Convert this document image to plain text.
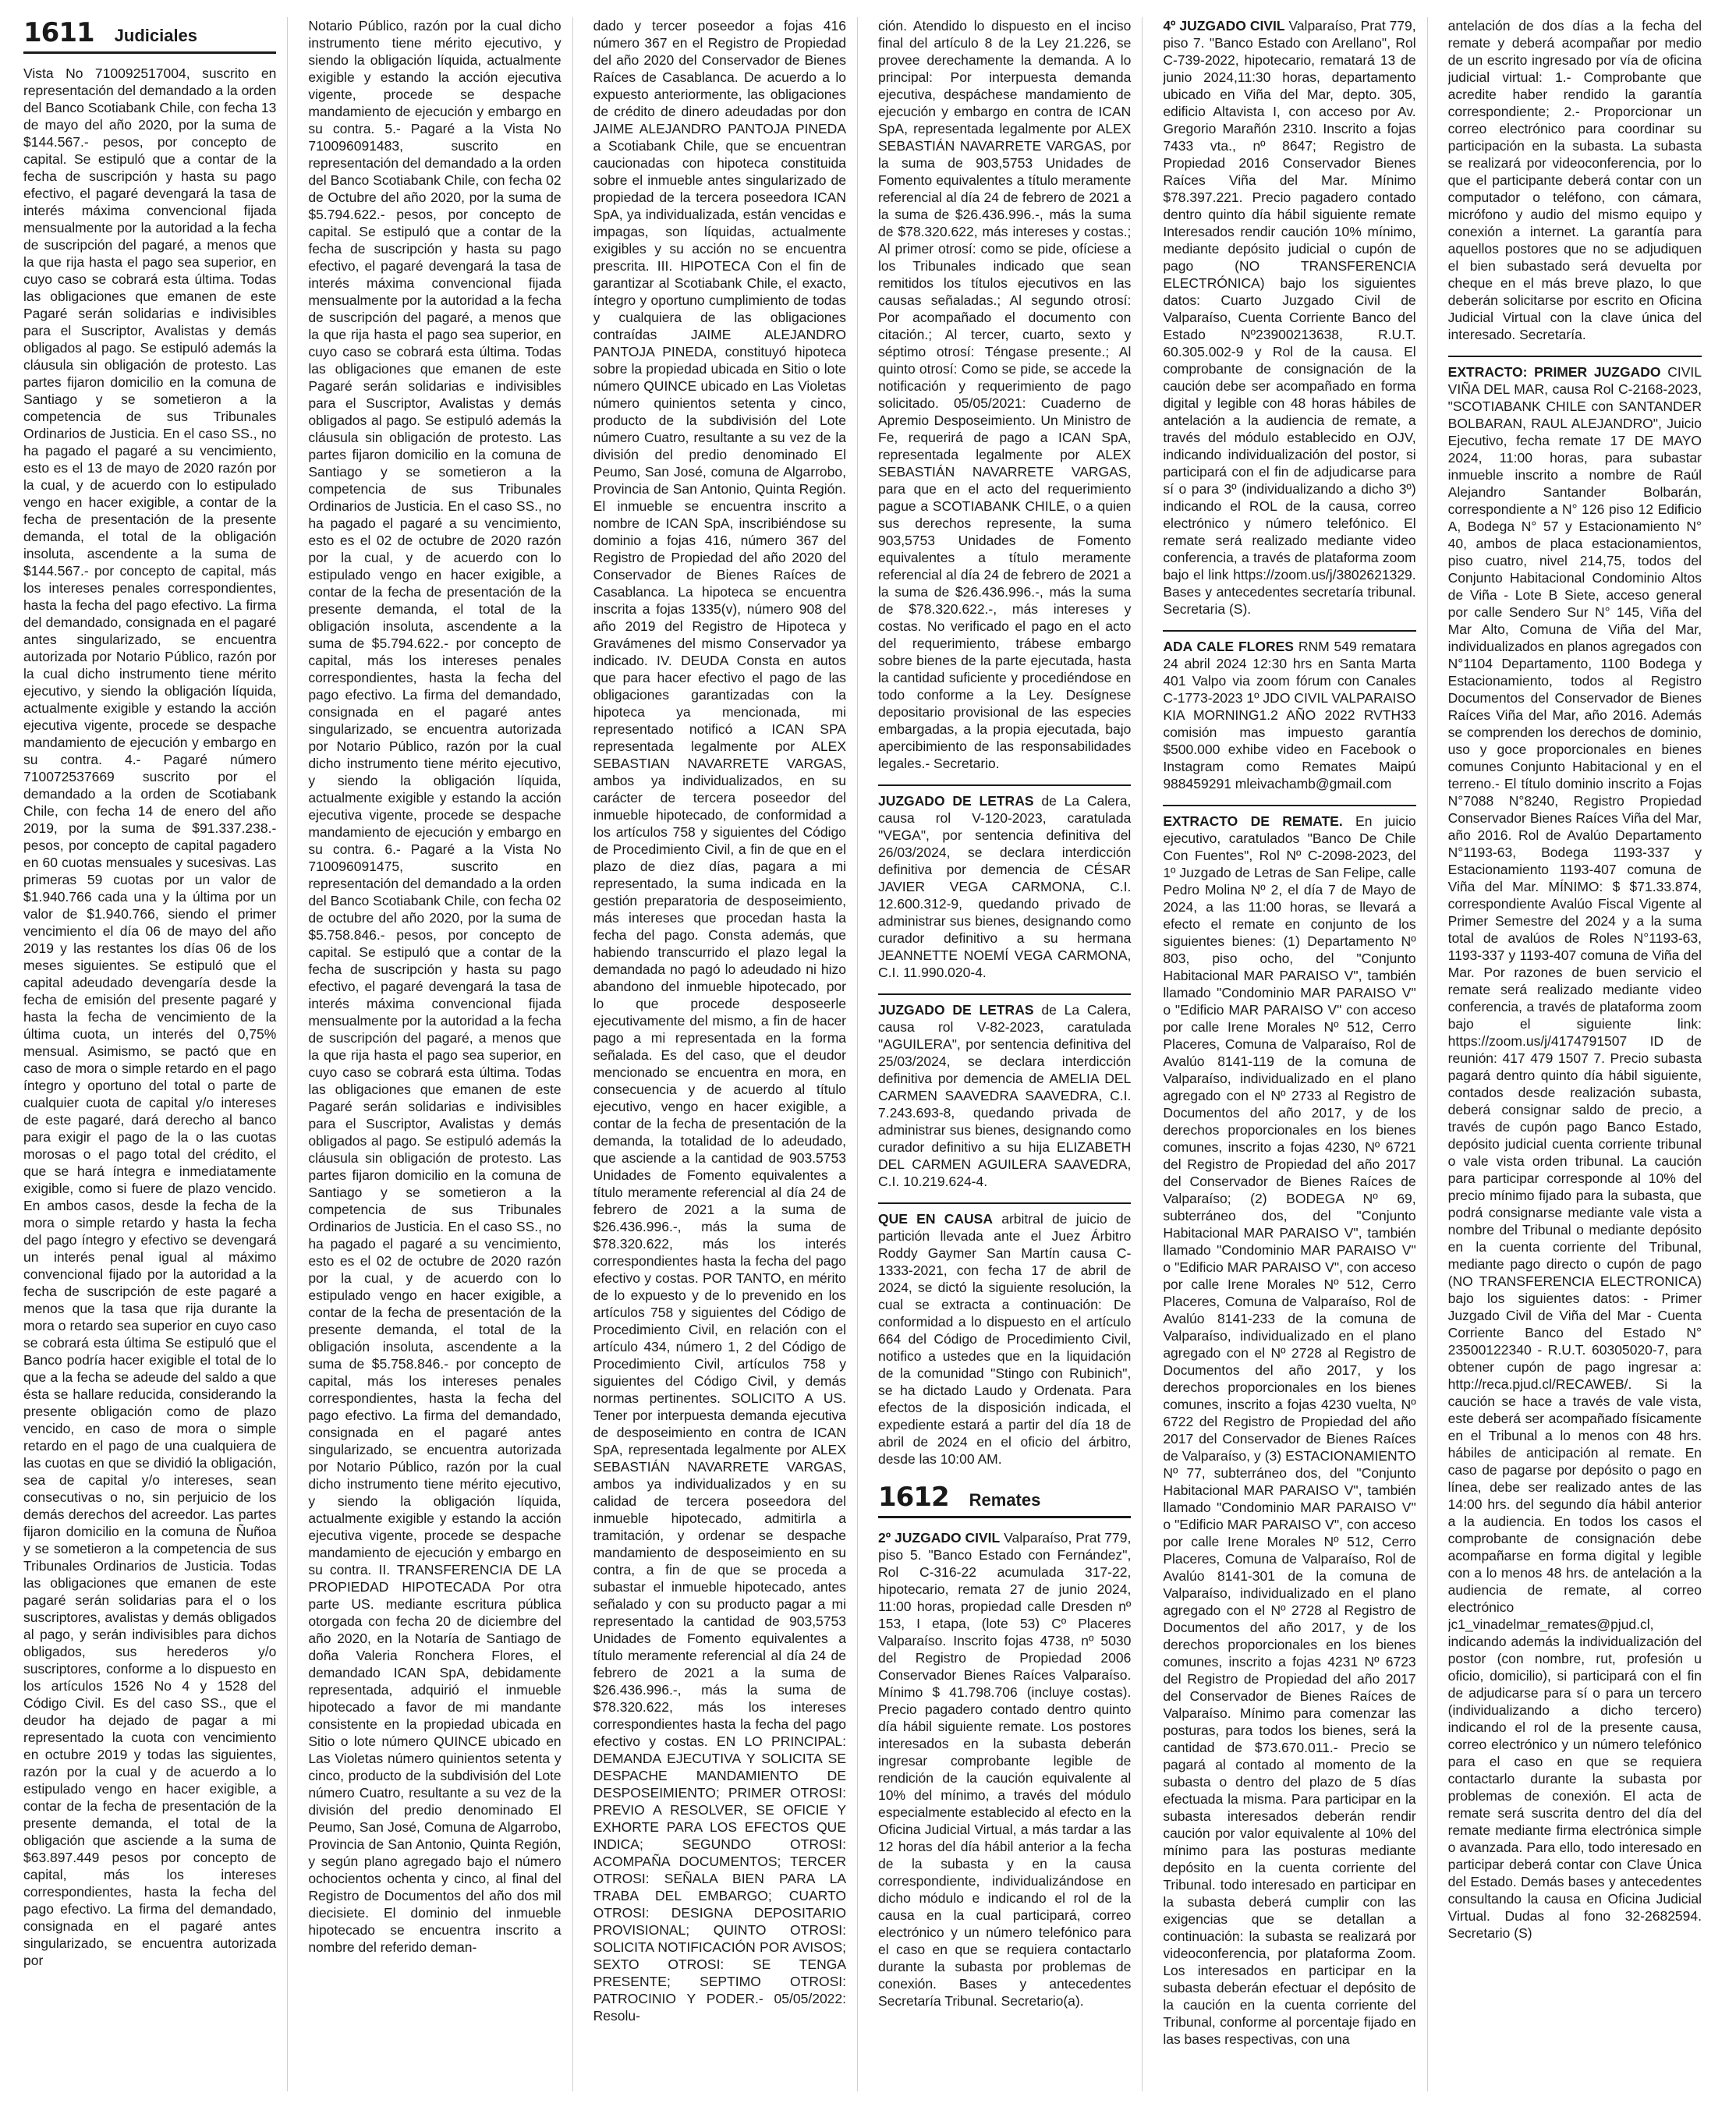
1611 Judiciales

Vista No 710092517004, suscrito en representación del demandado a la orden del Banco Scotiabank Chile, con fecha 13 de mayo del año 2020, por la suma de $144.567.- pesos, por concepto de capital. Se estipuló que a contar de la fecha de suscripción y hasta su pago efectivo, el pagaré devengará la tasa de interés máxima convencional fijada mensualmente por la autoridad a la fecha de suscripción del pagaré, a menos que la que rija hasta el pago sea superior, en cuyo caso se cobrará esta última. Todas las obligaciones que emanen de este Pagaré serán solidarias e indivisibles para el Suscriptor, Avalistas y demás obligados al pago. Se estipuló además la cláusula sin obligación de protesto. Las partes fijaron domicilio en la comuna de Santiago y se sometieron a la competencia de sus Tribunales Ordinarios de Justicia. En el caso SS., no ha pagado el pagaré a su vencimiento, esto es el 13 de mayo de 2020 razón por la cual, y de acuerdo con lo estipulado vengo en hacer exigible, a contar de la fecha de presentación de la presente demanda, el total de la obligación insoluta, ascendente a la suma de $144.567.- por concepto de capital, más los intereses penales correspondientes, hasta la fecha del pago efectivo. La firma del demandado, consignada en el pagaré antes singularizado, se encuentra autorizada por Notario Público, razón por la cual dicho instrumento tiene mérito ejecutivo, y siendo la obligación líquida, actualmente exigible y estando la acción ejecutiva vigente, procede se despache mandamiento de ejecución y embargo en su contra. 4.- Pagaré número 710072537669 suscrito por el demandado a la orden de Scotiabank Chile, con fecha 14 de enero del año 2019, por la suma de $91.337.238.- pesos, por concepto de capital pagadero en 60 cuotas mensuales y sucesivas. Las primeras 59 cuotas por un valor de $1.940.766 cada una y la última por un valor de $1.940.766, siendo el primer vencimiento el día 06 de mayo del año 2019 y las restantes los días 06 de los meses siguientes. Se estipuló que el capital adeudado devengaría desde la fecha de emisión del presente pagaré y hasta la fecha de vencimiento de la última cuota, un interés del 0,75% mensual. Asimismo, se pactó que en caso de mora o simple retardo en el pago íntegro y oportuno del total o parte de cualquier cuota de capital y/o intereses de este pagaré, dará derecho al banco para exigir el pago de la o las cuotas morosas o el pago total del crédito, el que se hará íntegra e inmediatamente exigible, como si fuere de plazo vencido. En ambos casos, desde la fecha de la mora o simple retardo y hasta la fecha del pago íntegro y efectivo se devengará un interés penal igual al máximo convencional fijado por la autoridad a la fecha de suscripción de este pagaré a menos que la tasa que rija durante la mora o retardo sea superior en cuyo caso se cobrará esta última Se estipuló que el Banco podría hacer exigible el total de lo que a la fecha se adeude del saldo a que ésta se hallare reducida, considerando la presente obligación como de plazo vencido, en caso de mora o simple retardo en el pago de una cualquiera de las cuotas en que se dividió la obligación, sea de capital y/o intereses, sean consecutivas o no, sin perjuicio de los demás derechos del acreedor. Las partes fijaron domicilio en la comuna de Ñuñoa y se sometieron a la competencia de sus Tribunales Ordinarios de Justicia. Todas las obligaciones que emanen de este pagaré serán solidarias para el o los suscriptores, avalistas y demás obligados al pago, y serán indivisibles para dichos obligados, sus herederos y/o suscriptores, conforme a lo dispuesto en los artículos 1526 No 4 y 1528 del Código Civil. Es del caso SS., que el deudor ha dejado de pagar a mi representado la cuota con vencimiento en octubre 2019 y todas las siguientes, razón por la cual y de acuerdo a lo estipulado vengo en hacer exigible, a contar de la fecha de presentación de la presente demanda, el total de la obligación que asciende a la suma de $63.897.449 pesos por concepto de capital, más los intereses correspondientes, hasta la fecha del pago efectivo. La firma del demandado, consignada en el pagaré antes singularizado, se encuentra autorizada por

Notario Público, razón por la cual dicho instrumento tiene mérito ejecutivo, y siendo la obligación líquida, actualmente exigible y estando la acción ejecutiva vigente, procede se despache mandamiento de ejecución y embargo en su contra. 5.- Pagaré a la Vista No 710096091483, suscrito en representación del demandado a la orden del Banco Scotiabank Chile, con fecha 02 de Octubre del año 2020, por la suma de $5.794.622.- pesos, por concepto de capital. Se estipuló que a contar de la fecha de suscripción y hasta su pago efectivo, el pagaré devengará la tasa de interés máxima convencional fijada mensualmente por la autoridad a la fecha de suscripción del pagaré, a menos que la que rija hasta el pago sea superior, en cuyo caso se cobrará esta última. Todas las obligaciones que emanen de este Pagaré serán solidarias e indivisibles para el Suscriptor, Avalistas y demás obligados al pago. Se estipuló además la cláusula sin obligación de protesto. Las partes fijaron domicilio en la comuna de Santiago y se sometieron a la competencia de sus Tribunales Ordinarios de Justicia. En el caso SS., no ha pagado el pagaré a su vencimiento, esto es el 02 de octubre de 2020 razón por la cual, y de acuerdo con lo estipulado vengo en hacer exigible, a contar de la fecha de presentación de la presente demanda, el total de la obligación insoluta, ascendente a la suma de $5.794.622.- por concepto de capital, más los intereses penales correspondientes, hasta la fecha del pago efectivo. La firma del demandado, consignada en el pagaré antes singularizado, se encuentra autorizada por Notario Público, razón por la cual dicho instrumento tiene mérito ejecutivo, y siendo la obligación líquida, actualmente exigible y estando la acción ejecutiva vigente, procede se despache mandamiento de ejecución y embargo en su contra. 6.- Pagaré a la Vista No 710096091475, suscrito en representación del demandado a la orden del Banco Scotiabank Chile, con fecha 02 de octubre del año 2020, por la suma de $5.758.846.- pesos, por concepto de capital. Se estipuló que a contar de la fecha de suscripción y hasta su pago efectivo, el pagaré devengará la tasa de interés máxima convencional fijada mensualmente por la autoridad a la fecha de suscripción del pagaré, a menos que la que rija hasta el pago sea superior, en cuyo caso se cobrará esta última. Todas las obligaciones que emanen de este Pagaré serán solidarias e indivisibles para el Suscriptor, Avalistas y demás obligados al pago. Se estipuló además la cláusula sin obligación de protesto. Las partes fijaron domicilio en la comuna de Santiago y se sometieron a la competencia de sus Tribunales Ordinarios de Justicia. En el caso SS., no ha pagado el pagaré a su vencimiento, esto es el 02 de octubre de 2020 razón por la cual, y de acuerdo con lo estipulado vengo en hacer exigible, a contar de la fecha de presentación de la presente demanda, el total de la obligación insoluta, ascendente a la suma de $5.758.846.- por concepto de capital, más los intereses penales correspondientes, hasta la fecha del pago efectivo. La firma del demandado, consignada en el pagaré antes singularizado, se encuentra autorizada por Notario Público, razón por la cual dicho instrumento tiene mérito ejecutivo, y siendo la obligación líquida, actualmente exigible y estando la acción ejecutiva vigente, procede se despache mandamiento de ejecución y embargo en su contra. II. TRANSFERENCIA DE LA PROPIEDAD HIPOTECADA Por otra parte US. mediante escritura pública otorgada con fecha 20 de diciembre del año 2020, en la Notaría de Santiago de doña Valeria Ronchera Flores, el demandado ICAN SpA, debidamente representada, adquirió el inmueble hipotecado a favor de mi mandante consistente en la propiedad ubicada en Sitio o lote número QUINCE ubicado en Las Violetas número quinientos setenta y cinco, producto de la subdivisión del Lote número Cuatro, resultante a su vez de la división del predio denominado El Peumo, San José, Comuna de Algarrobo, Provincia de San Antonio, Quinta Región, y según plano agregado bajo el número ochocientos ochenta y cinco, al final del Registro de Documentos del año dos mil diecisiete. El dominio del inmueble hipotecado se encuentra inscrito a nombre del referido deman-

dado y tercer poseedor a fojas 416 número 367 en el Registro de Propiedad del año 2020 del Conservador de Bienes Raíces de Casablanca. De acuerdo a lo expuesto anteriormente, las obligaciones de crédito de dinero adeudadas por don JAIME ALEJANDRO PANTOJA PINEDA a Scotiabank Chile, que se encuentran caucionadas con hipoteca constituida sobre el inmueble antes singularizado de propiedad de la tercera poseedora ICAN SpA, ya individualizada, están vencidas e impagas, son líquidas, actualmente exigibles y su acción no se encuentra prescrita. III. HIPOTECA Con el fin de garantizar al Scotiabank Chile, el exacto, íntegro y oportuno cumplimiento de todas y cualquiera de las obligaciones contraídas JAIME ALEJANDRO PANTOJA PINEDA, constituyó hipoteca sobre la propiedad ubicada en Sitio o lote número QUINCE ubicado en Las Violetas número quinientos setenta y cinco, producto de la subdivisión del Lote número Cuatro, resultante a su vez de la división del predio denominado El Peumo, San José, comuna de Algarrobo, Provincia de San Antonio, Quinta Región. El inmueble se encuentra inscrito a nombre de ICAN SpA, inscribiéndose su dominio a fojas 416, número 367 del Registro de Propiedad del año 2020 del Conservador de Bienes Raíces de Casablanca. La hipoteca se encuentra inscrita a fojas 1335(v), número 908 del año 2019 del Registro de Hipoteca y Gravámenes del mismo Conservador ya indicado. IV. DEUDA Consta en autos que para hacer efectivo el pago de las obligaciones garantizadas con la hipoteca ya mencionada, mi representado notificó a ICAN SPA representada legalmente por ALEX SEBASTIAN NAVARRETE VARGAS, ambos ya individualizados, en su carácter de tercera poseedor del inmueble hipotecado, de conformidad a los artículos 758 y siguientes del Código de Procedimiento Civil, a fin de que en el plazo de diez días, pagara a mi representado, la suma indicada en la gestión preparatoria de desposeimiento, más intereses que procedan hasta la fecha del pago. Consta además, que habiendo transcurrido el plazo legal la demandada no pagó lo adeudado ni hizo abandono del inmueble hipotecado, por lo que procede desposeerle ejecutivamente del mismo, a fin de hacer pago a mi representada en la forma señalada. Es del caso, que el deudor mencionado se encuentra en mora, en consecuencia y de acuerdo al título ejecutivo, vengo en hacer exigible, a contar de la fecha de presentación de la demanda, la totalidad de lo adeudado, que asciende a la cantidad de 903.5753 Unidades de Fomento equivalentes a título meramente referencial al día 24 de febrero de 2021 a la suma de $26.436.996.-, más la suma de $78.320.622, más los interés correspondientes hasta la fecha del pago efectivo y costas. POR TANTO, en mérito de lo expuesto y de lo prevenido en los artículos 758 y siguientes del Código de Procedimiento Civil, en relación con el artículo 434, número 1, 2 del Código de Procedimiento Civil, artículos 758 y siguientes del Código Civil, y demás normas pertinentes. SOLICITO A US. Tener por interpuesta demanda ejecutiva de desposeimiento en contra de ICAN SpA, representada legalmente por ALEX SEBASTIÁN NAVARRETE VARGAS, ambos ya individualizados y en su calidad de tercera poseedora del inmueble hipotecado, admitirla a tramitación, y ordenar se despache mandamiento de desposeimiento en su contra, a fin de que se proceda a subastar el inmueble hipotecado, antes señalado y con su producto pagar a mi representado la cantidad de 903,5753 Unidades de Fomento equivalentes a título meramente referencial al día 24 de febrero de 2021 a la suma de $26.436.996.-, más la suma de $78.320.622, más los intereses correspondientes hasta la fecha del pago efectivo y costas. EN LO PRINCIPAL: DEMANDA EJECUTIVA Y SOLICITA SE DESPACHE MANDAMIENTO DE DESPOSEIMIENTO; PRIMER OTROSI: PREVIO A RESOLVER, SE OFICIE Y EXHORTE PARA LOS EFECTOS QUE INDICA; SEGUNDO OTROSI: ACOMPAÑA DOCUMENTOS; TERCER OTROSI: SEÑALA BIEN PARA LA TRABA DEL EMBARGO; CUARTO OTROSI: DESIGNA DEPOSITARIO PROVISIONAL; QUINTO OTROSI: SOLICITA NOTIFICACIÓN POR AVISOS; SEXTO OTROSI: SE TENGA PRESENTE; SEPTIMO OTROSI: PATROCINIO Y PODER.- 05/05/2022: Resolu-

ción. Atendido lo dispuesto en el inciso final del artículo 8 de la Ley 21.226, se provee derechamente la demanda. A lo principal: Por interpuesta demanda ejecutiva, despáchese mandamiento de ejecución y embargo en contra de ICAN SpA, representada legalmente por ALEX SEBASTIÁN NAVARRETE VARGAS, por la suma de 903,5753 Unidades de Fomento equivalentes a título meramente referencial al día 24 de febrero de 2021 a la suma de $26.436.996.-, más la suma de $78.320.622, más intereses y costas.; Al primer otrosí: como se pide, ofíciese a los Tribunales indicado que sean remitidos los títulos ejecutivos en las causas señaladas.; Al segundo otrosí: Por acompañado el documento con citación.; Al tercer, cuarto, sexto y séptimo otrosí: Téngase presente.; Al quinto otrosí: Como se pide, se accede la notificación y requerimiento de pago solicitado. 05/05/2021: Cuaderno de Apremio Desposeimiento. Un Ministro de Fe, requerirá de pago a ICAN SpA, representada legalmente por ALEX SEBASTIÁN NAVARRETE VARGAS, para que en el acto del requerimiento pague a SCOTIABANK CHILE, o a quien sus derechos represente, la suma 903,5753 Unidades de Fomento equivalentes a título meramente referencial al día 24 de febrero de 2021 a la suma de $26.436.996.-, más la suma de $78.320.622.-, más intereses y costas. No verificado el pago en el acto del requerimiento, trábese embargo sobre bienes de la parte ejecutada, hasta la cantidad suficiente y procediéndose en todo conforme a la Ley. Desígnese depositario provisional de las especies embargadas, a la propia ejecutada, bajo apercibimiento de las responsabilidades legales.- Secretario.

JUZGADO DE LETRAS de La Calera, causa rol V-120-2023, caratulada "VEGA", por sentencia definitiva del 26/03/2024, se declara interdicción definitiva por demencia de CÉSAR JAVIER VEGA CARMONA, C.I. 12.600.312-9, quedando privado de administrar sus bienes, designando como curador definitivo a su hermana JEANNETTE NOEMÍ VEGA CARMONA, C.I. 11.990.020-4.

JUZGADO DE LETRAS de La Calera, causa rol V-82-2023, caratulada "AGUILERA", por sentencia definitiva del 25/03/2024, se declara interdicción definitiva por demencia de AMELIA DEL CARMEN SAAVEDRA SAAVEDRA, C.I. 7.243.693-8, quedando privada de administrar sus bienes, designando como curador definitivo a su hija ELIZABETH DEL CARMEN AGUILERA SAAVEDRA, C.I. 10.219.624-4.

QUE EN CAUSA arbitral de juicio de partición llevada ante el Juez Árbitro Roddy Gaymer San Martín causa C-1333-2021, con fecha 17 de abril de 2024, se dictó la siguiente resolución, la cual se extracta a continuación: De conformidad a lo dispuesto en el artículo 664 del Código de Procedimiento Civil, notifico a ustedes que en la liquidación de la comunidad "Stingo con Rubinich", se ha dictado Laudo y Ordenata. Para efectos de la disposición indicada, el expediente estará a partir del día 18 de abril de 2024 en el oficio del árbitro, desde las 10:00 AM.

1612 Remates

2º JUZGADO CIVIL Valparaíso, Prat 779, piso 5. "Banco Estado con Fernández", Rol C-316-22 acumulada 317-22, hipotecario, remata 27 de junio 2024, 11:00 horas, propiedad calle Dresden nº 153, I etapa, (lote 53) Cº Placeres Valparaíso. Inscrito fojas 4738, nº 5030 del Registro de Propiedad 2006 Conservador Bienes Raíces Valparaíso. Mínimo $ 41.798.706 (incluye costas). Precio pagadero contado dentro quinto día hábil siguiente remate. Los postores interesados en la subasta deberán ingresar comprobante legible de rendición de la caución equivalente al 10% del mínimo, a través del módulo especialmente establecido al efecto en la Oficina Judicial Virtual, a más tardar a las 12 horas del día hábil anterior a la fecha de la subasta y en la causa correspondiente, individualizándose en dicho módulo e indicando el rol de la causa en la cual participará, correo electrónico y un número telefónico para el caso en que se requiera contactarlo durante la subasta por problemas de conexión. Bases y antecedentes Secretaría Tribunal. Secretario(a).

4º JUZGADO CIVIL Valparaíso, Prat 779, piso 7. "Banco Estado con Arellano", Rol C-739-2022, hipotecario, rematará 13 de junio 2024,11:30 horas, departamento ubicado en Viña del Mar, depto. 305, edificio Altavista I, con acceso por Av. Gregorio Marañón 2310. Inscrito a fojas 7433 vta., nº 8647; Registro de Propiedad 2016 Conservador Bienes Raíces Viña del Mar. Mínimo $78.397.221. Precio pagadero contado dentro quinto día hábil siguiente remate Interesados rendir caución 10% mínimo, mediante depósito judicial o cupón de pago (NO TRANSFERENCIA ELECTRÓNICA) bajo los siguientes datos: Cuarto Juzgado Civil de Valparaíso, Cuenta Corriente Banco del Estado Nº23900213638, R.U.T. 60.305.002-9 y Rol de la causa. El comprobante de consignación de la caución debe ser acompañado en forma digital y legible con 48 horas hábiles de antelación a la audiencia de remate, a través del módulo establecido en OJV, indicando individualización del postor, si participará con el fin de adjudicarse para sí o para 3º (individualizando a dicho 3º) indicando el ROL de la causa, correo electrónico y número telefónico. El remate será realizado mediante video conferencia, a través de plataforma zoom bajo el link https://zoom.us/j/3802621329. Bases y antecedentes secretaría tribunal. Secretaria (S).

ADA CALE FLORES RNM 549 rematara 24 abril 2024 12:30 hrs en Santa Marta 401 Valpo via zoom fórum con Canales C-1773-2023 1º JDO CIVIL VALPARAISO KIA MORNING1.2 AÑO 2022 RVTH33 comisión mas impuesto garantía $500.000 exhibe video en Facebook o Instagram como Remates Maipú 988459291 mleivachamb@gmail.com

EXTRACTO DE REMATE. En juicio ejecutivo, caratulados "Banco De Chile Con Fuentes", Rol Nº C-2098-2023, del 1º Juzgado de Letras de San Felipe, calle Pedro Molina Nº 2, el día 7 de Mayo de 2024, a las 11:00 horas, se llevará a efecto el remate en conjunto de los siguientes bienes: (1) Departamento Nº 803, piso ocho, del "Conjunto Habitacional MAR PARAISO V", también llamado "Condominio MAR PARAISO V" o "Edificio MAR PARAISO V" con acceso por calle Irene Morales Nº 512, Cerro Placeres, Comuna de Valparaíso, Rol de Avalúo 8141-119 de la comuna de Valparaíso, individualizado en el plano agregado con el Nº 2733 al Registro de Documentos del año 2017, y de los derechos proporcionales en los bienes comunes, inscrito a fojas 4230, Nº 6721 del Registro de Propiedad del año 2017 del Conservador de Bienes Raíces de Valparaíso; (2) BODEGA Nº 69, subterráneo dos, del "Conjunto Habitacional MAR PARAISO V", también llamado "Condominio MAR PARAISO V" o "Edificio MAR PARAISO V", con acceso por calle Irene Morales Nº 512, Cerro Placeres, Comuna de Valparaíso, Rol de Avalúo 8141-233 de la comuna de Valparaíso, individualizado en el plano agregado con el Nº 2728 al Registro de Documentos del año 2017, y los derechos proporcionales en los bienes comunes, inscrito a fojas 4230 vuelta, Nº 6722 del Registro de Propiedad del año 2017 del Conservador de Bienes Raíces de Valparaíso, y (3) ESTACIONAMIENTO Nº 77, subterráneo dos, del "Conjunto Habitacional MAR PARAISO V", también llamado "Condominio MAR PARAISO V" o "Edificio MAR PARAISO V", con acceso por calle Irene Morales Nº 512, Cerro Placeres, Comuna de Valparaíso, Rol de Avalúo 8141-301 de la comuna de Valparaíso, individualizado en el plano agregado con el Nº 2728 al Registro de Documentos del año 2017, y de los derechos proporcionales en los bienes comunes, inscrito a fojas 4231 Nº 6723 del Registro de Propiedad del año 2017 del Conservador de Bienes Raíces de Valparaíso. Mínimo para comenzar las posturas, para todos los bienes, será la cantidad de $73.670.011.- Precio se pagará al contado al momento de la subasta o dentro del plazo de 5 días efectuada la misma. Para participar en la subasta interesados deberán rendir caución por valor equivalente al 10% del mínimo para las posturas mediante depósito en la cuenta corriente del Tribunal. todo interesado en participar en la subasta deberá cumplir con las exigencias que se detallan a continuación: la subasta se realizará por videoconferencia, por plataforma Zoom. Los interesados en participar en la subasta deberán efectuar el depósito de la caución en la cuenta corriente del Tribunal, conforme al porcentaje fijado en las bases respectivas, con una

antelación de dos días a la fecha del remate y deberá acompañar por medio de un escrito ingresado por vía de oficina judicial virtual: 1.- Comprobante que acredite haber rendido la garantía correspondiente; 2.- Proporcionar un correo electrónico para coordinar su participación en la subasta. La subasta se realizará por videoconferencia, por lo que el participante deberá contar con un computador o teléfono, con cámara, micrófono y audio del mismo equipo y conexión a internet. La garantía para aquellos postores que no se adjudiquen el bien subastado será devuelta por cheque en el más breve plazo, lo que deberán solicitarse por escrito en Oficina Judicial Virtual con la clave única del interesado. Secretaría.

EXTRACTO: PRIMER JUZGADO CIVIL VIÑA DEL MAR, causa Rol C-2168-2023, "SCOTIABANK CHILE con SANTANDER BOLBARAN, RAUL ALEJANDRO", Juicio Ejecutivo, fecha remate 17 DE MAYO 2024, 11:00 horas, para subastar inmueble inscrito a nombre de Raúl Alejandro Santander Bolbarán, correspondiente a N° 126 piso 12 Edificio A, Bodega N° 57 y Estacionamiento N° 40, ambos de placa estacionamientos, piso cuatro, nivel 214,75, todos del Conjunto Habitacional Condominio Altos de Viña - Lote B Siete, acceso general por calle Sendero Sur N° 145, Viña del Mar Alto, Comuna de Viña del Mar, individualizados en planos agregados con N°1104 Departamento, 1100 Bodega y Estacionamiento, todos al Registro Documentos del Conservador de Bienes Raíces Viña del Mar, año 2016. Además se comprenden los derechos de dominio, uso y goce proporcionales en bienes comunes Conjunto Habitacional y en el terreno.- El título dominio inscrito a Fojas N°7088 N°8240, Registro Propiedad Conservador Bienes Raíces Viña del Mar, año 2016. Rol de Avalúo Departamento N°1193-63, Bodega 1193-337 y Estacionamiento 1193-407 comuna de Viña del Mar. MÍNIMO: $ $71.33.874, correspondiente Avalúo Fiscal Vigente al Primer Semestre del 2024 y a la suma total de avalúos de Roles N°1193-63, 1193-337 y 1193-407 comuna de Viña del Mar. Por razones de buen servicio el remate será realizado mediante video conferencia, a través de plataforma zoom bajo el siguiente link: https://zoom.us/j/4174791507 ID de reunión: 417 479 1507 7. Precio subasta pagará dentro quinto día hábil siguiente, contados desde realización subasta, deberá consignar saldo de precio, a través de cupón pago Banco Estado, depósito judicial cuenta corriente tribunal o vale vista orden tribunal. La caución para participar corresponde al 10% del precio mínimo fijado para la subasta, que podrá consignarse mediante vale vista a nombre del Tribunal o mediante depósito en la cuenta corriente del Tribunal, mediante pago directo o cupón de pago (NO TRANSFERENCIA ELECTRONICA) bajo los siguientes datos: - Primer Juzgado Civil de Viña del Mar - Cuenta Corriente Banco del Estado N° 23500122340 - R.U.T. 60305020-7, para obtener cupón de pago ingresar a: http://reca.pjud.cl/RECAWEB/. Si la caución se hace a través de vale vista, este deberá ser acompañado físicamente en el Tribunal a lo menos con 48 hrs. hábiles de anticipación al remate. En caso de pagarse por depósito o pago en línea, debe ser realizado antes de las 14:00 hrs. del segundo día hábil anterior a la audiencia. En todos los casos el comprobante de consignación debe acompañarse en forma digital y legible con a lo menos 48 hrs. de antelación a la audiencia de remate, al correo electrónico jc1_vinadelmar_remates@pjud.cl, indicando además la individualización del postor (con nombre, rut, profesión u oficio, domicilio), si participará con el fin de adjudicarse para sí o para un tercero (individualizando a dicho tercero) indicando el rol de la presente causa, correo electrónico y un número telefónico para el caso en que se requiera contactarlo durante la subasta por problemas de conexión. El acta de remate será suscrita dentro del día del remate mediante firma electrónica simple o avanzada. Para ello, todo interesado en participar deberá contar con Clave Única del Estado. Demás bases y antecedentes consultando la causa en Oficina Judicial Virtual. Dudas al fono 32-2682594. Secretario (S)
